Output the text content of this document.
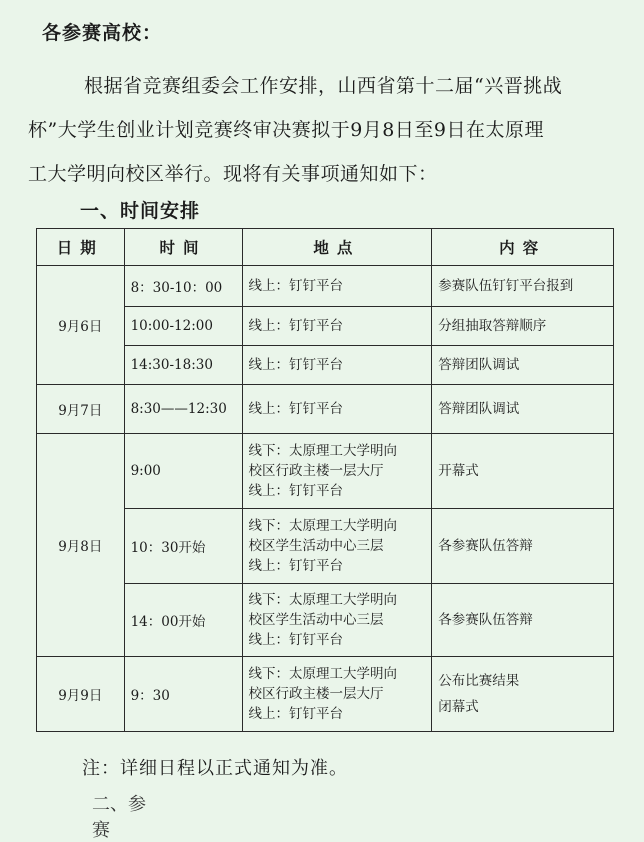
各参赛高校：
根据省竞赛组委会工作安排，山西省第十二届“兴晋挑战
杯”大学生创业计划竞赛终审决赛拟于9月8日至9日在太原理
工大学明向校区举行。现将有关事项通知如下：
一、时间安排
日期	时间	地点	内容
9月6日	8：30-10：00	线上：钉钉平台	参赛队伍钉钉平台报到

	10:00-12:00	线上：钉钉平台	分组抽取答辩顺序

	14:30-18:30	线上：钉钉平台	答辩团队调试

9月7日	8:30——12:30	线上：钉钉平台	答辩团队调试

9月8日	9:00	线下：太原理工大学明向
校区行政主楼一层大厅
线上：钉钉平台	开幕式

	10：30开始	线下：太原理工大学明向
校区学生活动中心三层
线上：钉钉平台	各参赛队伍答辩

	14：00开始	线下：太原理工大学明向
校区学生活动中心三层
线上：钉钉平台	各参赛队伍答辩

9月9日	9：30	线下：太原理工大学明向
校区行政主楼一层大厅
线上：钉钉平台	公布比赛结果
闭幕式
注：详细日程以正式通知为准。
二、参赛
